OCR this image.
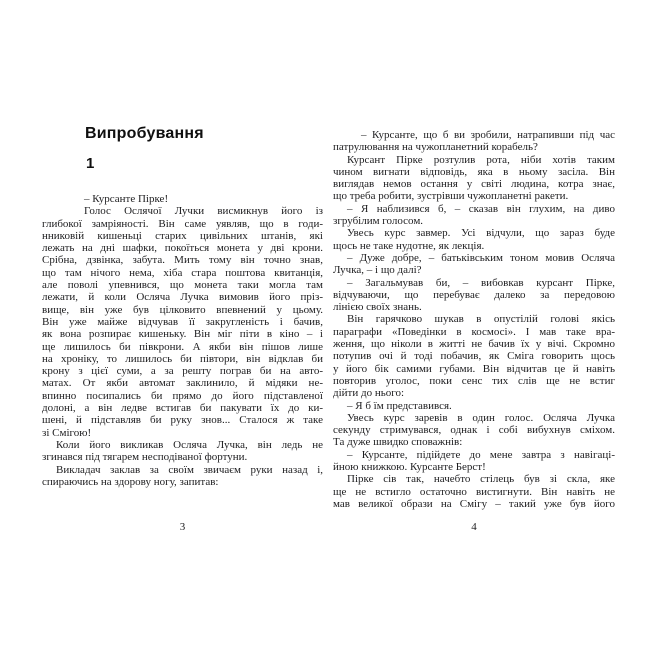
Випробування
1
– Курсанте Пірке!
Голос Ослячої Лучки висмикнув його із
глибокої замріяності. Він саме уявляв, що в годи-
нниковій кишеньці старих цивільних штанів, які
лежать на дні шафки, покоїться монета у дві крони.
Срібна, дзвінка, забута. Мить тому він точно знав,
що там нічого нема, хіба стара поштова квитанція,
але поволі упевнився, що монета таки могла там
лежати, й коли Осляча Лучка вимовив його пріз-
вище, він уже був цілковито впевнений у цьому.
Він уже майже відчував її закругленість і бачив,
як вона розпирає кишеньку. Він міг піти в кіно – і
ще лишилось би півкрони. А якби він пішов лише
на хроніку, то лишилось би півтори, він відклав би
крону з цієї суми, а за решту пограв би на авто-
матах. От якби автомат заклинило, й мідяки не-
впинно посипались би прямо до його підставленої
долоні, а він ледве встигав би пакувати їх до ки-
шені, й підставляв би руку знов... Сталося ж таке
зі Смігою!
Коли його викликав Осляча Лучка, він ледь не
згинався під тягарем несподіваної фортуни.
Викладач заклав за своїм звичаєм руки назад і,
спираючись на здорову ногу, запитав:
3
– Курсанте, що б ви зробили, натрапивши під час
патрулювання на чужопланетний корабель?
Курсант Пірке розтулив рота, ніби хотів таким
чином вигнати відповідь, яка в ньому засіла. Він
виглядав немов остання у світі людина, котра знає,
що треба робити, зустрівши чужопланетні ракети.
– Я наблизився б, – сказав він глухим, на диво
згрубілим голосом.
Увесь курс завмер. Усі відчули, що зараз буде
щось не таке нудотне, як лекція.
– Дуже добре, – батьківським тоном мовив Осляча
Лучка, – і що далі?
– Загальмував би, – вибовкав курсант Пірке,
відчуваючи, що перебуває далеко за передовою
лінією своїх знань.
Він гарячково шукав в опустілій голові якісь
параграфи «Поведінки в космосі». І мав таке вра-
ження, що ніколи в житті не бачив їх у вічі. Скромно
потупив очі й тоді побачив, як Сміга говорить щось
у його бік самими губами. Він відчитав це й навіть
повторив уголос, поки сенс тих слів ще не встиг
дійти до нього:
– Я б їм представився.
Увесь курс заревів в один голос. Осляча Лучка
секунду стримувався, однак і собі вибухнув сміхом.
Та дуже швидко споважнів:
– Курсанте, підійдете до мене завтра з навігаці-
йною книжкою. Курсанте Берст!
Пірке сів так, начебто стілець був зі скла, яке
ще не встигло остаточно вистигнути. Він навіть не
мав великої образи на Смігу – такий уже був його
4
